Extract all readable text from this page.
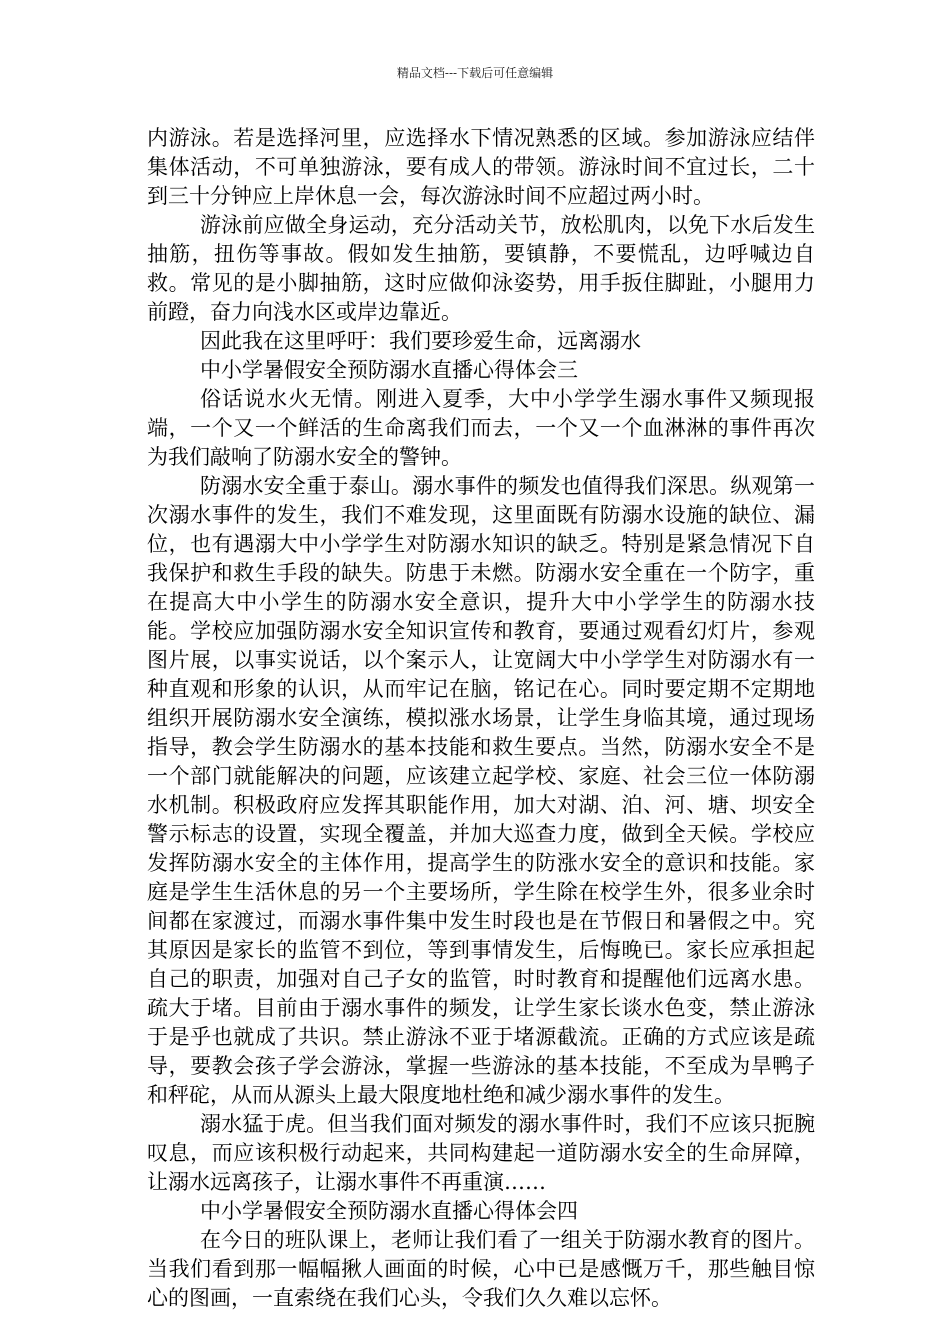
精品文档---下载后可任意编辑

内游泳。若是选择河里，应选择水下情况熟悉的区域。参加游泳应结伴集体活动，不可单独游泳，要有成人的带领。游泳时间不宜过长，二十到三十分钟应上岸休息一会，每次游泳时间不应超过两小时。

游泳前应做全身运动，充分活动关节，放松肌肉，以免下水后发生抽筋，扭伤等事故。假如发生抽筋，要镇静，不要慌乱，边呼喊边自救。常见的是小脚抽筋，这时应做仰泳姿势，用手扳住脚趾，小腿用力前蹬，奋力向浅水区或岸边靠近。

因此我在这里呼吁：我们要珍爱生命，远离溺水

中小学暑假安全预防溺水直播心得体会三

俗话说水火无情。刚进入夏季，大中小学学生溺水事件又频现报端，一个又一个鲜活的生命离我们而去，一个又一个血淋淋的事件再次为我们敲响了防溺水安全的警钟。

防溺水安全重于泰山。溺水事件的频发也值得我们深思。纵观第一次溺水事件的发生，我们不难发现，这里面既有防溺水设施的缺位、漏位，也有遇溺大中小学学生对防溺水知识的缺乏。特别是紧急情况下自我保护和救生手段的缺失。防患于未燃。防溺水安全重在一个防字，重在提高大中小学生的防溺水安全意识，提升大中小学学生的防溺水技能。学校应加强防溺水安全知识宣传和教育，要通过观看幻灯片，参观图片展，以事实说话，以个案示人，让宽阔大中小学学生对防溺水有一种直观和形象的认识，从而牢记在脑，铭记在心。同时要定期不定期地组织开展防溺水安全演练，模拟涨水场景，让学生身临其境，通过现场指导，教会学生防溺水的基本技能和救生要点。当然，防溺水安全不是一个部门就能解决的问题，应该建立起学校、家庭、社会三位一体防溺水机制。积极政府应发挥其职能作用，加大对湖、泊、河、塘、坝安全警示标志的设置，实现全覆盖，并加大巡查力度，做到全天候。学校应发挥防溺水安全的主体作用，提高学生的防涨水安全的意识和技能。家庭是学生生活休息的另一个主要场所，学生除在校学生外，很多业余时间都在家渡过，而溺水事件集中发生时段也是在节假日和暑假之中。究其原因是家长的监管不到位，等到事情发生，后悔晚已。家长应承担起自己的职责，加强对自己子女的监管，时时教育和提醒他们远离水患。疏大于堵。目前由于溺水事件的频发，让学生家长谈水色变，禁止游泳于是乎也就成了共识。禁止游泳不亚于堵源截流。正确的方式应该是疏导，要教会孩子学会游泳，掌握一些游泳的基本技能，不至成为旱鸭子和秤砣，从而从源头上最大限度地杜绝和减少溺水事件的发生。

溺水猛于虎。但当我们面对频发的溺水事件时，我们不应该只扼腕叹息，而应该积极行动起来，共同构建起一道防溺水安全的生命屏障，让溺水远离孩子，让溺水事件不再重演……

中小学暑假安全预防溺水直播心得体会四

在今日的班队课上，老师让我们看了一组关于防溺水教育的图片。当我们看到那一幅幅揪人画面的时候，心中已是感慨万千，那些触目惊心的图画，一直索绕在我们心头，令我们久久难以忘怀。
